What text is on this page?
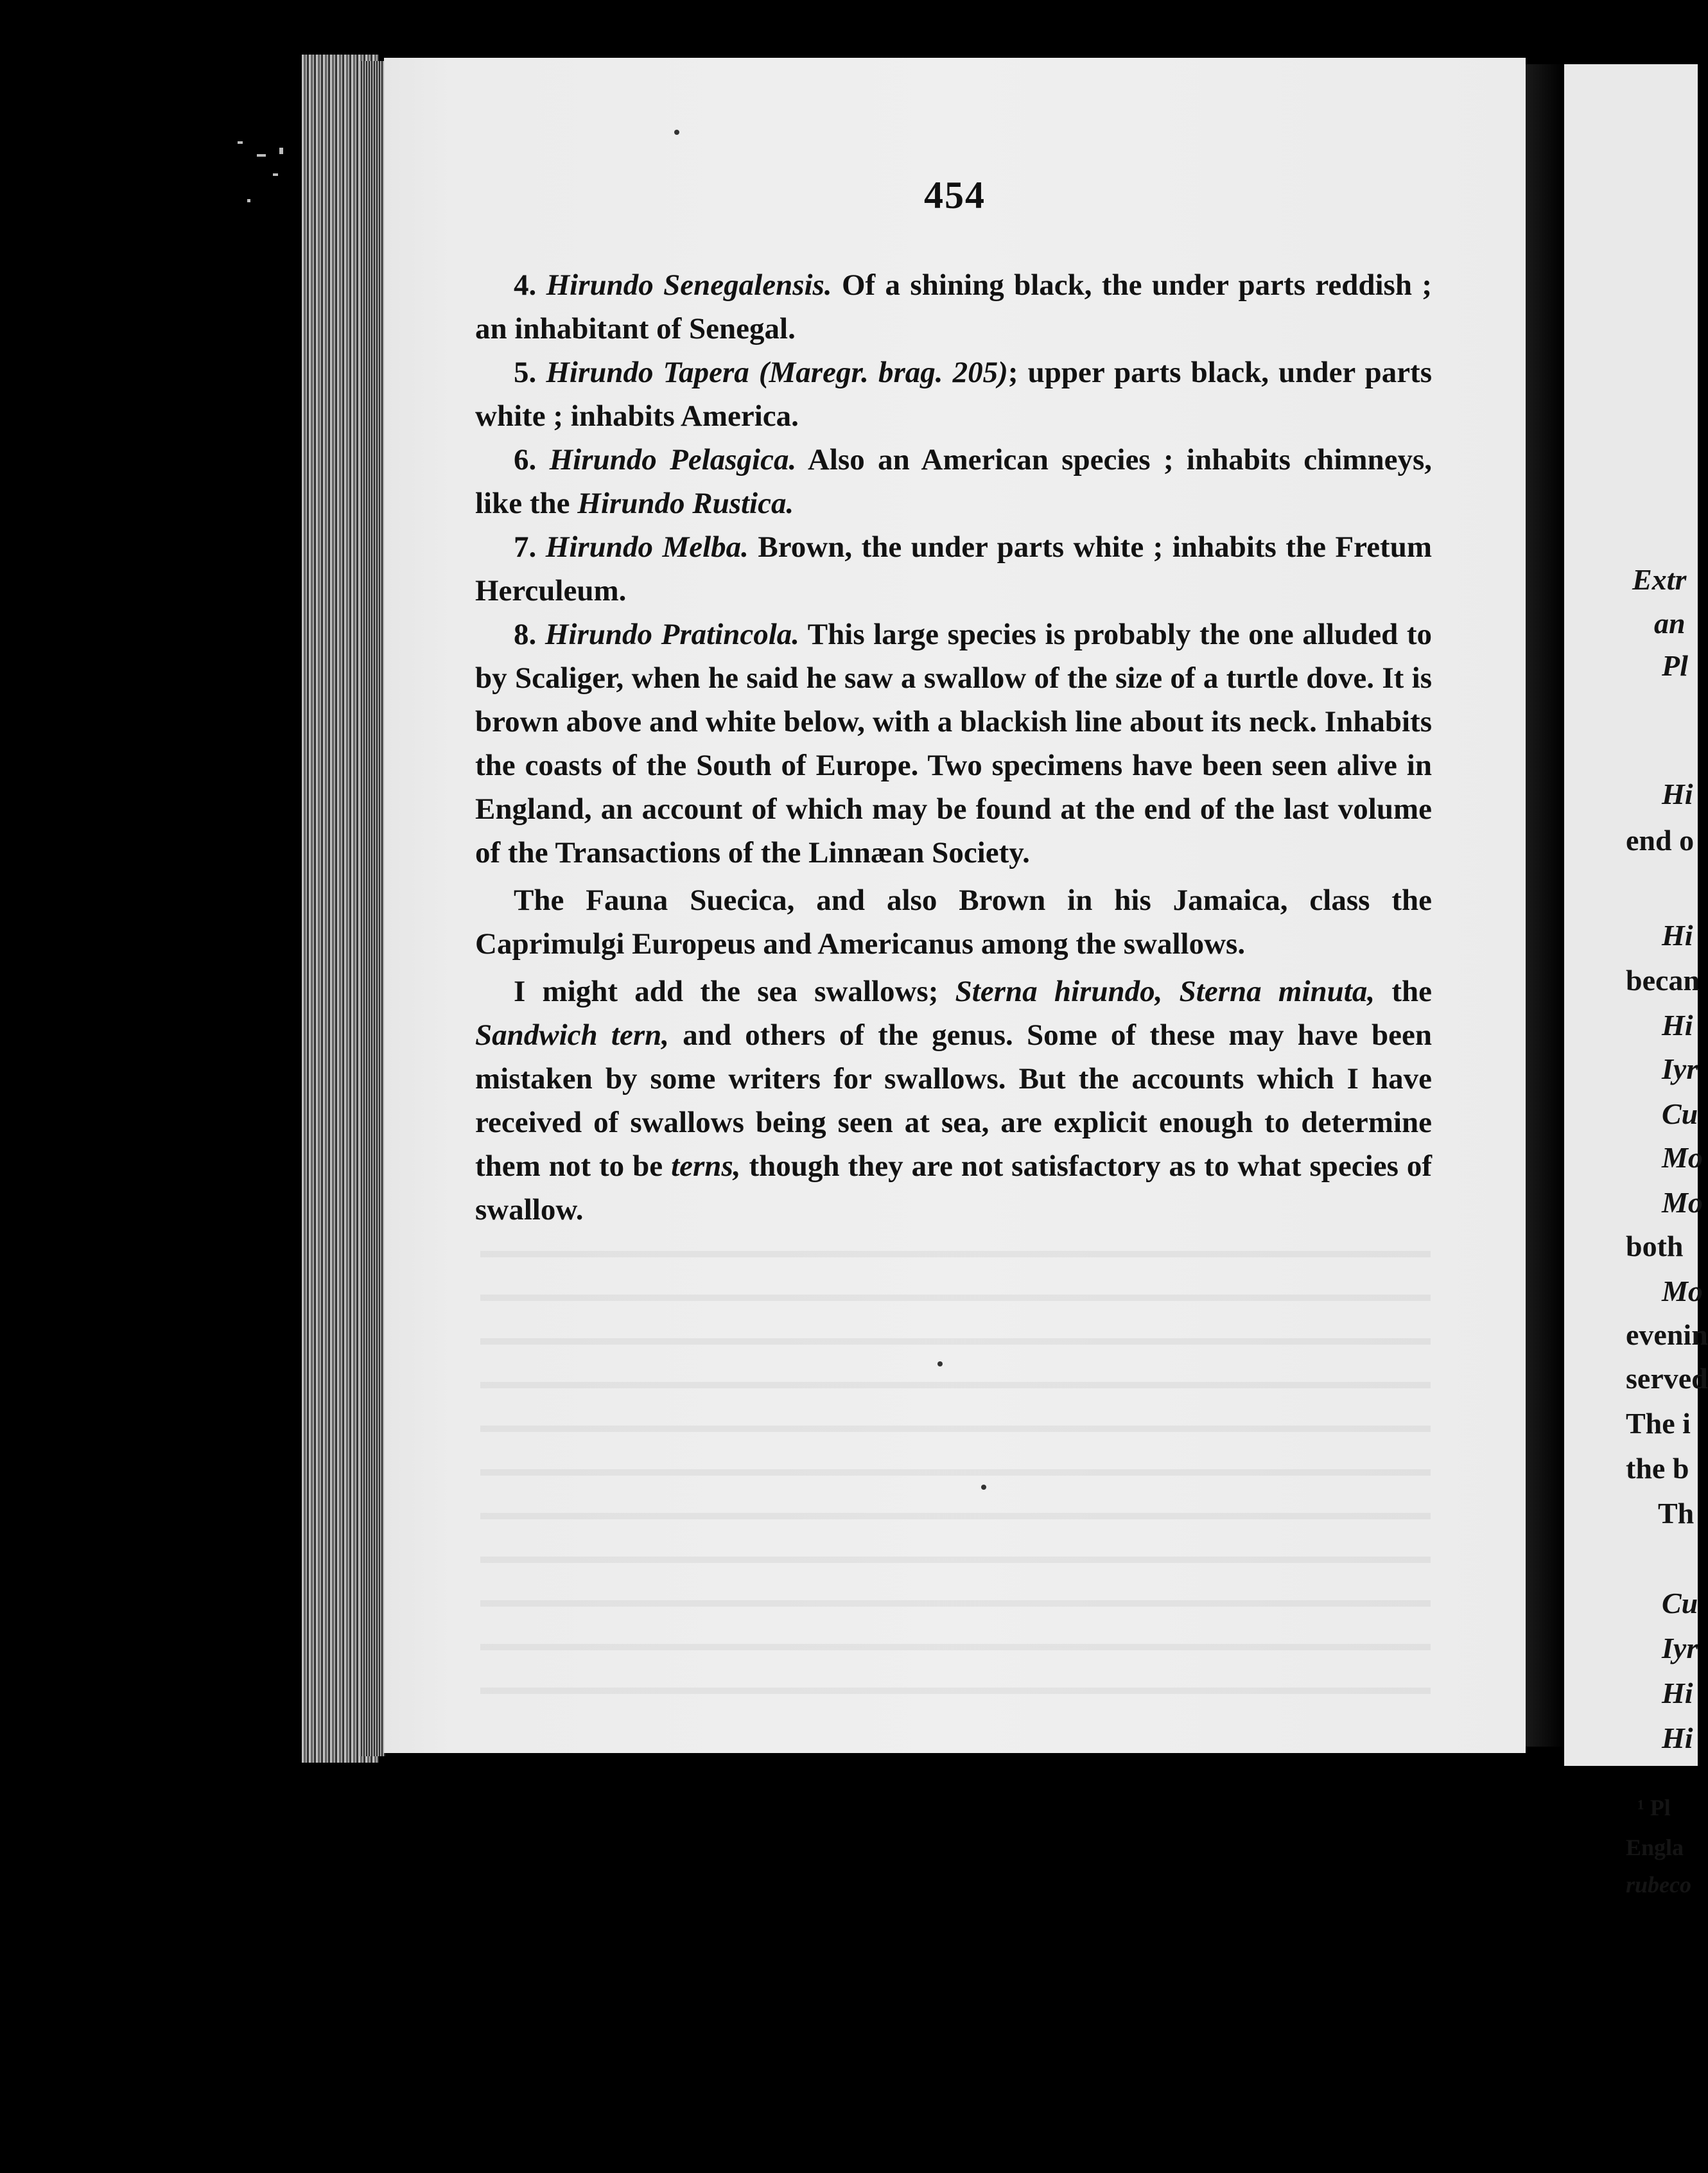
454

4. Hirundo Senegalensis. Of a shining black, the under parts reddish ; an inhabitant of Senegal.

5. Hirundo Tapera (Maregr. brag. 205); upper parts black, under parts white ; inhabits America.

6. Hirundo Pelasgica. Also an American species ; inhabits chimneys, like the Hirundo Rustica.

7. Hirundo Melba. Brown, the under parts white ; inhabits the Fretum Herculeum.

8. Hirundo Pratincola. This large species is probably the one alluded to by Scaliger, when he said he saw a swallow of the size of a turtle dove. It is brown above and white below, with a blackish line about its neck. Inhabits the coasts of the South of Europe. Two specimens have been seen alive in England, an account of which may be found at the end of the last volume of the Transactions of the Linnæan Society.

The Fauna Suecica, and also Brown in his Jamaica, class the Caprimulgi Europeus and Americanus among the swallows.

I might add the sea swallows; Sterna hirundo, Sterna minuta, the Sandwich tern, and others of the genus. Some of these may have been mistaken by some writers for swallows. But the accounts which I have received of swallows being seen at sea, are explicit enough to determine them not to be terns, though they are not satisfactory as to what species of swallow.

Extr
an
Pl
Hi
end o
Hi
becan
Hi
Iyr
Cu
Mo
Mo
both
Mo
evenin
served
The i
the b
Th
Cu
Iyr
Hi
Hi
¹ Pl
Engla
rubeco
